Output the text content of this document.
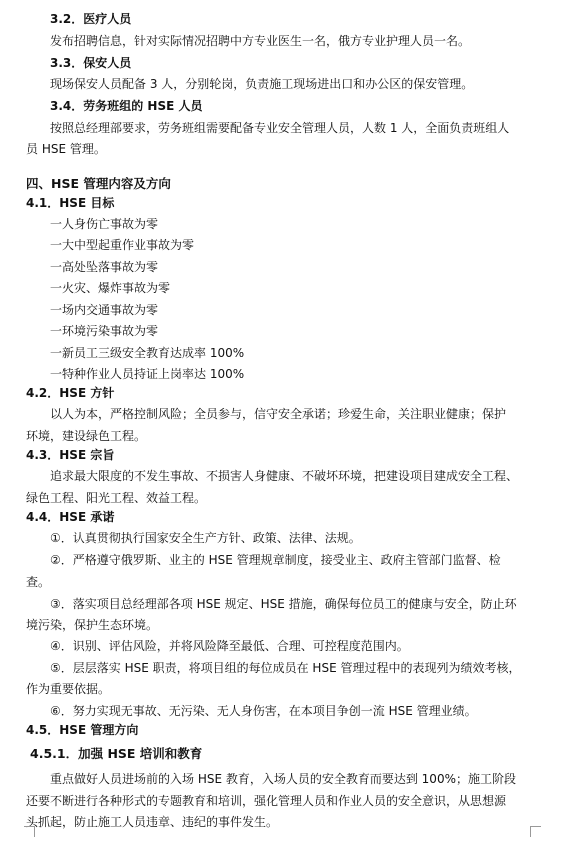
3.2．医疗人员
发布招聘信息，针对实际情况招聘中方专业医生一名，俄方专业护理人员一名。
3.3．保安人员
现场保安人员配备 3 人，分别轮岗，负责施工现场进出口和办公区的保安管理。
3.4．劳务班组的 HSE 人员
按照总经理部要求，劳务班组需要配备专业安全管理人员，人数 1 人，全面负责班组人
员 HSE 管理。
四、HSE 管理内容及方向
4.1．HSE 目标
一人身伤亡事故为零
一大中型起重作业事故为零
一高处坠落事故为零
一火灾、爆炸事故为零
一场内交通事故为零
一环境污染事故为零
一新员工三级安全教育达成率 100%
一特种作业人员持证上岗率达 100%
4.2．HSE 方针
以人为本，严格控制风险；全员参与，信守安全承诺；珍爱生命，关注职业健康；保护
环境，建设绿色工程。
4.3．HSE 宗旨
追求最大限度的不发生事故、不损害人身健康、不破坏环境，把建设项目建成安全工程、
绿色工程、阳光工程、效益工程。
4.4．HSE 承诺
①．认真贯彻执行国家安全生产方针、政策、法律、法规。
②．严格遵守俄罗斯、业主的 HSE 管理规章制度，接受业主、政府主管部门监督、检
查。
③．落实项目总经理部各项 HSE 规定、HSE 措施，确保每位员工的健康与安全，防止环
境污染，保护生态环境。
④．识别、评估风险，并将风险降至最低、合理、可控程度范围内。
⑤．层层落实 HSE 职责，将项目组的每位成员在 HSE 管理过程中的表现列为绩效考核，
作为重要依据。
⑥．努力实现无事故、无污染、无人身伤害，在本项目争创一流 HSE 管理业绩。
4.5．HSE 管理方向
4.5.1．加强 HSE 培训和教育
重点做好人员进场前的入场 HSE 教育，入场人员的安全教育而要达到 100%；施工阶段
还要不断进行各种形式的专题教育和培训，强化管理人员和作业人员的安全意识，从思想源
头抓起，防止施工人员违章、违纪的事件发生。
